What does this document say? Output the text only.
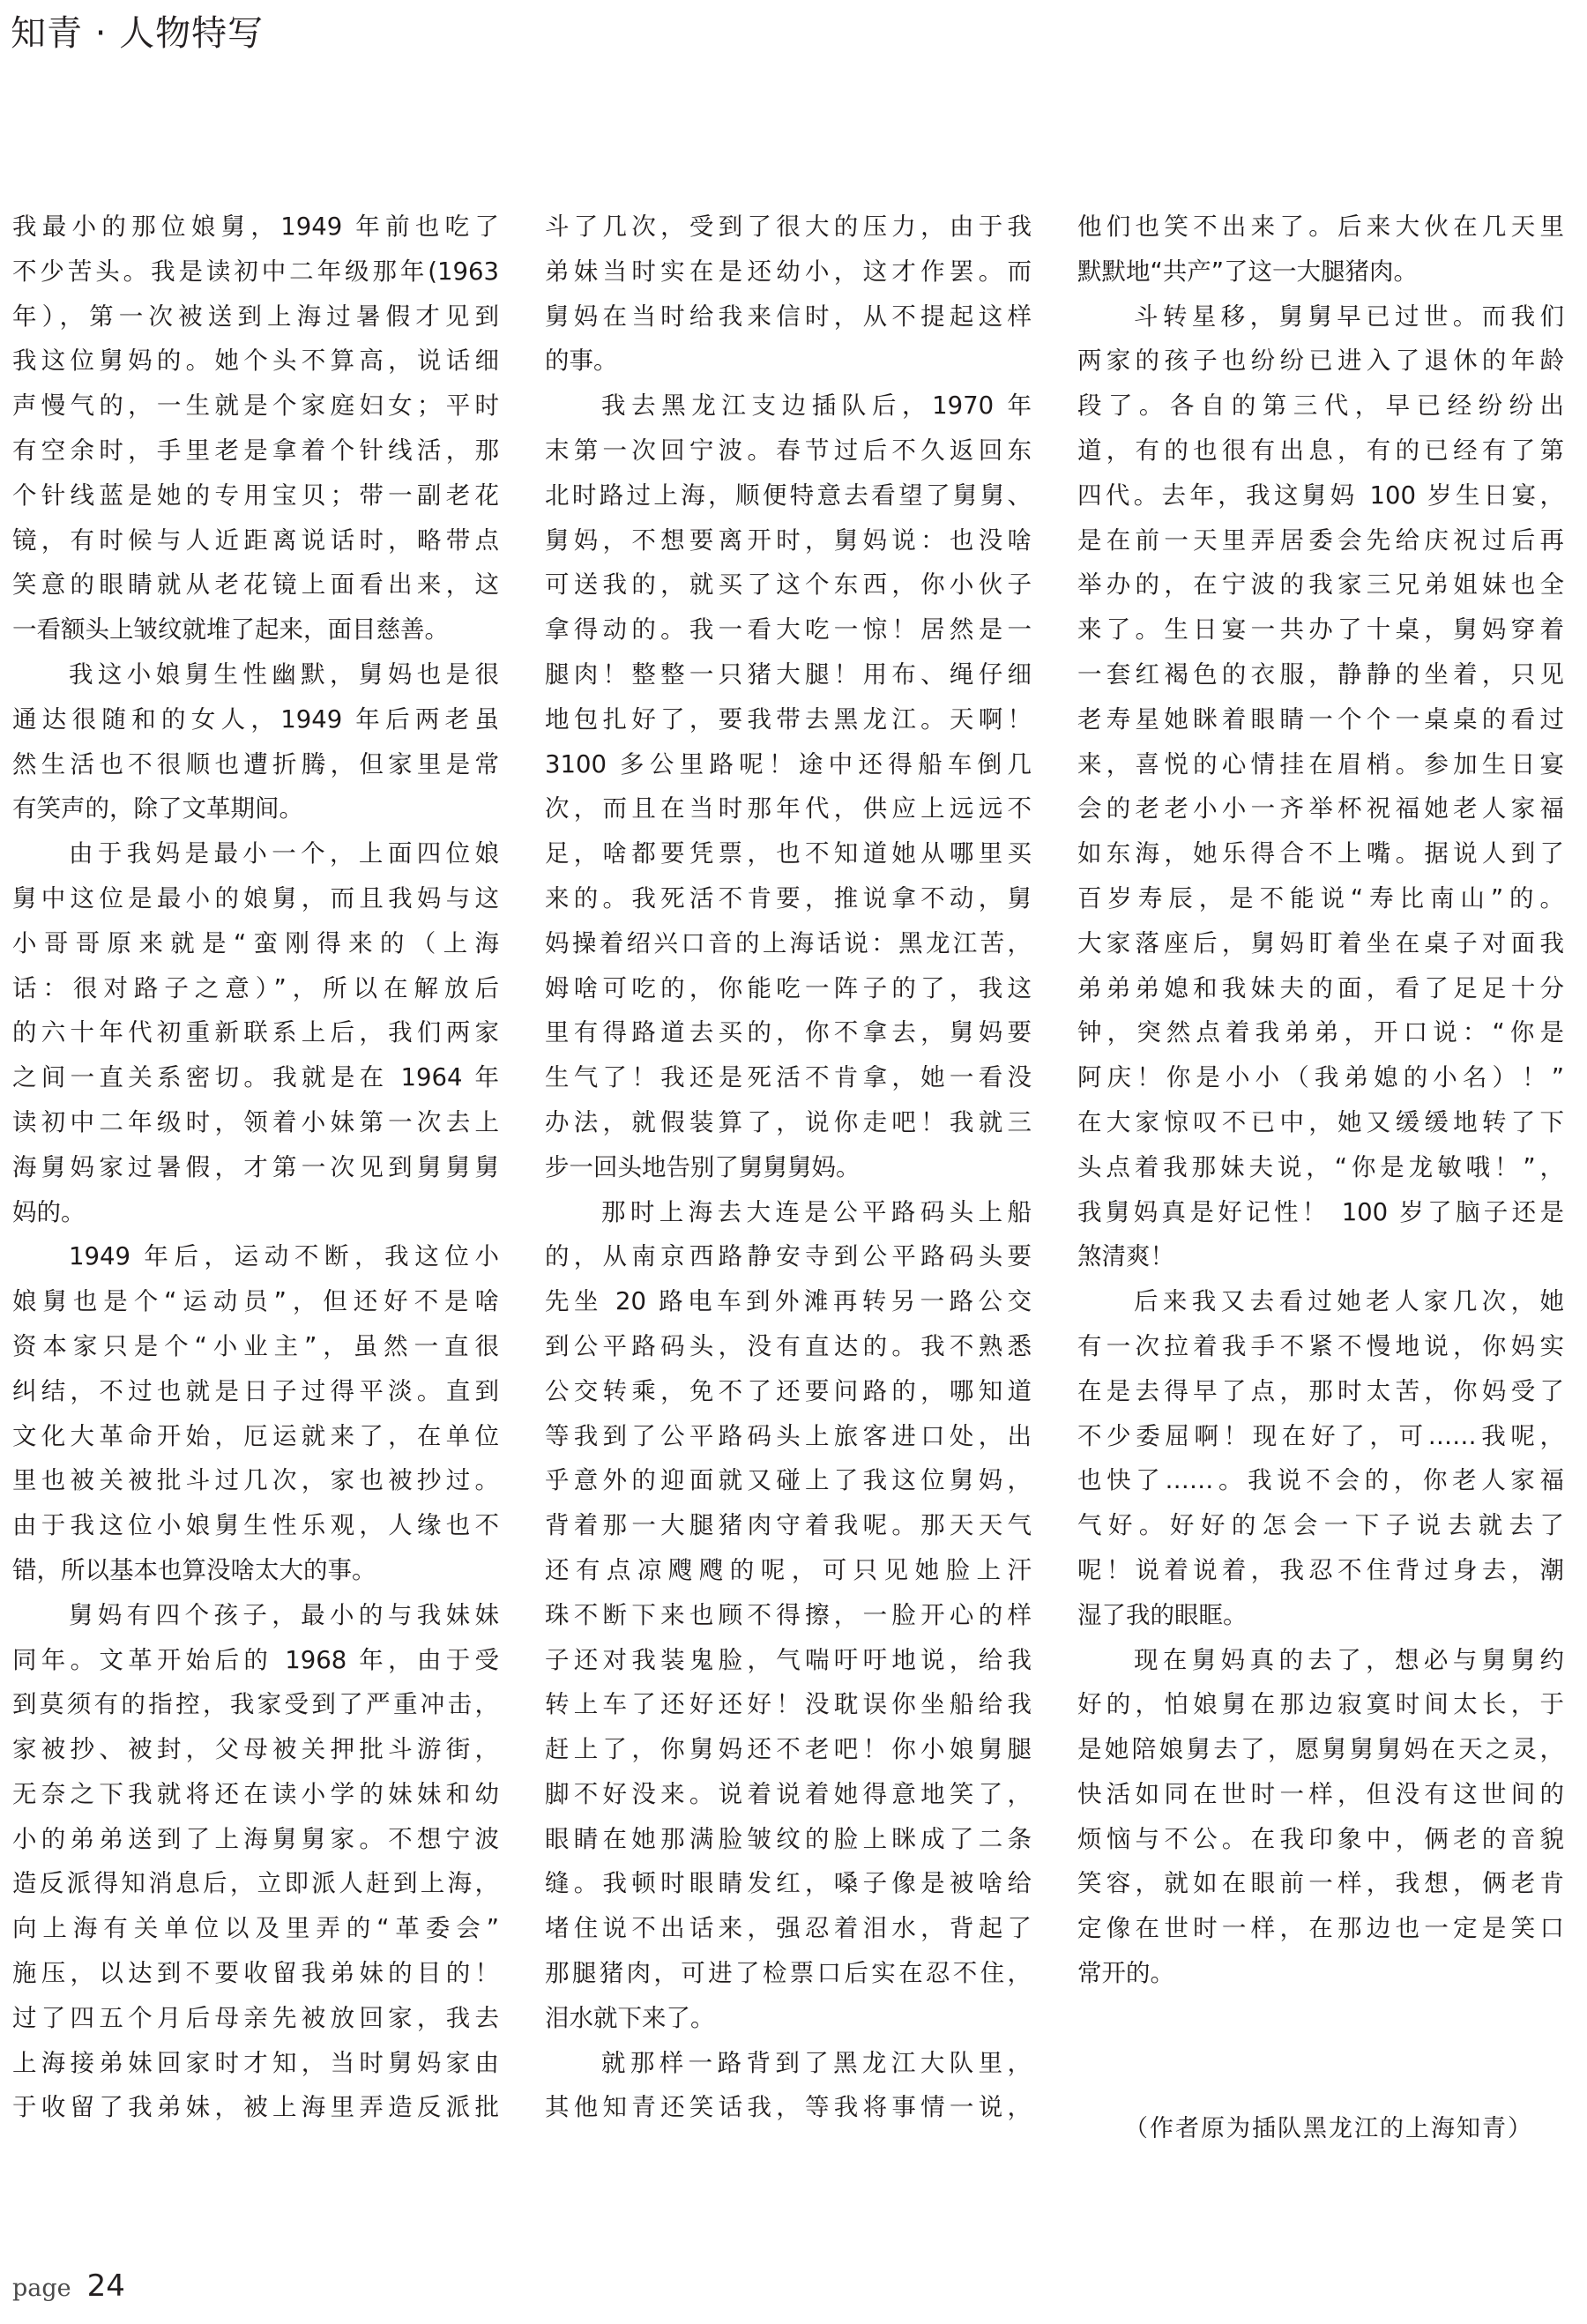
知青 · 人物特写
我最小的那位娘舅，1949 年前也吃了
不少苦头。我是读初中二年级那年(1963
年），第一次被送到上海过暑假才见到
我这位舅妈的。她个头不算高，说话细
声慢气的，一生就是个家庭妇女；平时
有空余时，手里老是拿着个针线活，那
个针线蓝是她的专用宝贝；带一副老花
镜，有时候与人近距离说话时，略带点
笑意的眼睛就从老花镜上面看出来，这
一看额头上皱纹就堆了起来，面目慈善。
我这小娘舅生性幽默，舅妈也是很
通达很随和的女人，1949 年后两老虽
然生活也不很顺也遭折腾，但家里是常
有笑声的，除了文革期间。
由于我妈是最小一个，上面四位娘
舅中这位是最小的娘舅，而且我妈与这
小哥哥原来就是“蛮刚得来的（上海
话：很对路子之意）”，所以在解放后
的六十年代初重新联系上后，我们两家
之间一直关系密切。我就是在 1964 年
读初中二年级时，领着小妹第一次去上
海舅妈家过暑假，才第一次见到舅舅舅
妈的。
1949 年后，运动不断，我这位小
娘舅也是个“运动员”，但还好不是啥
资本家只是个“小业主”，虽然一直很
纠结，不过也就是日子过得平淡。直到
文化大革命开始，厄运就来了，在单位
里也被关被批斗过几次，家也被抄过。
由于我这位小娘舅生性乐观，人缘也不
错，所以基本也算没啥太大的事。
舅妈有四个孩子，最小的与我妹妹
同年。文革开始后的 1968 年，由于受
到莫须有的指控，我家受到了严重冲击，
家被抄、被封，父母被关押批斗游街，
无奈之下我就将还在读小学的妹妹和幼
小的弟弟送到了上海舅舅家。不想宁波
造反派得知消息后，立即派人赶到上海，
向上海有关单位以及里弄的“革委会”
施压，以达到不要收留我弟妹的目的！
过了四五个月后母亲先被放回家，我去
上海接弟妹回家时才知，当时舅妈家由
于收留了我弟妹，被上海里弄造反派批
斗了几次，受到了很大的压力，由于我
弟妹当时实在是还幼小，这才作罢。而
舅妈在当时给我来信时，从不提起这样
的事。
我去黑龙江支边插队后，1970 年
末第一次回宁波。春节过后不久返回东
北时路过上海，顺便特意去看望了舅舅、
舅妈，不想要离开时，舅妈说：也没啥
可送我的，就买了这个东西，你小伙子
拿得动的。我一看大吃一惊！居然是一
腿肉！整整一只猪大腿！用布、绳仔细
地包扎好了，要我带去黑龙江。天啊！
3100 多公里路呢！途中还得船车倒几
次，而且在当时那年代，供应上远远不
足，啥都要凭票，也不知道她从哪里买
来的。我死活不肯要，推说拿不动，舅
妈操着绍兴口音的上海话说：黑龙江苦，
姆啥可吃的，你能吃一阵子的了，我这
里有得路道去买的，你不拿去，舅妈要
生气了！我还是死活不肯拿，她一看没
办法，就假装算了，说你走吧！我就三
步一回头地告别了舅舅舅妈。
那时上海去大连是公平路码头上船
的，从南京西路静安寺到公平路码头要
先坐 20 路电车到外滩再转另一路公交
到公平路码头，没有直达的。我不熟悉
公交转乘，免不了还要问路的，哪知道
等我到了公平路码头上旅客进口处，出
乎意外的迎面就又碰上了我这位舅妈，
背着那一大腿猪肉守着我呢。那天天气
还有点凉飕飕的呢，可只见她脸上汗
珠不断下来也顾不得擦，一脸开心的样
子还对我装鬼脸，气喘吁吁地说，给我
转上车了还好还好！没耽误你坐船给我
赶上了，你舅妈还不老吧！你小娘舅腿
脚不好没来。说着说着她得意地笑了，
眼睛在她那满脸皱纹的脸上眯成了二条
缝。我顿时眼睛发红，嗓子像是被啥给
堵住说不出话来，强忍着泪水，背起了
那腿猪肉，可进了检票口后实在忍不住，
泪水就下来了。
就那样一路背到了黑龙江大队里，
其他知青还笑话我，等我将事情一说，
他们也笑不出来了。后来大伙在几天里
默默地“共产”了这一大腿猪肉。
斗转星移，舅舅早已过世。而我们
两家的孩子也纷纷已进入了退休的年龄
段了。各自的第三代，早已经纷纷出
道，有的也很有出息，有的已经有了第
四代。去年，我这舅妈 100 岁生日宴，
是在前一天里弄居委会先给庆祝过后再
举办的，在宁波的我家三兄弟姐妹也全
来了。生日宴一共办了十桌，舅妈穿着
一套红褐色的衣服，静静的坐着，只见
老寿星她眯着眼睛一个个一桌桌的看过
来，喜悦的心情挂在眉梢。参加生日宴
会的老老小小一齐举杯祝福她老人家福
如东海，她乐得合不上嘴。据说人到了
百岁寿辰，是不能说“寿比南山”的。
大家落座后，舅妈盯着坐在桌子对面我
弟弟弟媳和我妹夫的面，看了足足十分
钟，突然点着我弟弟，开口说：“你是
阿庆！你是小小（我弟媳的小名）！”
在大家惊叹不已中，她又缓缓地转了下
头点着我那妹夫说，“你是龙敏哦！”，
我舅妈真是好记性！ 100 岁了脑子还是
煞清爽！
后来我又去看过她老人家几次，她
有一次拉着我手不紧不慢地说，你妈实
在是去得早了点，那时太苦，你妈受了
不少委屈啊！现在好了，可……我呢，
也快了……。我说不会的，你老人家福
气好。好好的怎会一下子说去就去了
呢！说着说着，我忍不住背过身去，潮
湿了我的眼眶。
现在舅妈真的去了，想必与舅舅约
好的，怕娘舅在那边寂寞时间太长，于
是她陪娘舅去了，愿舅舅舅妈在天之灵，
快活如同在世时一样，但没有这世间的
烦恼与不公。在我印象中，俩老的音貌
笑容，就如在眼前一样，我想，俩老肯
定像在世时一样，在那边也一定是笑口
常开的。
（作者原为插队黑龙江的上海知青）
page 24
